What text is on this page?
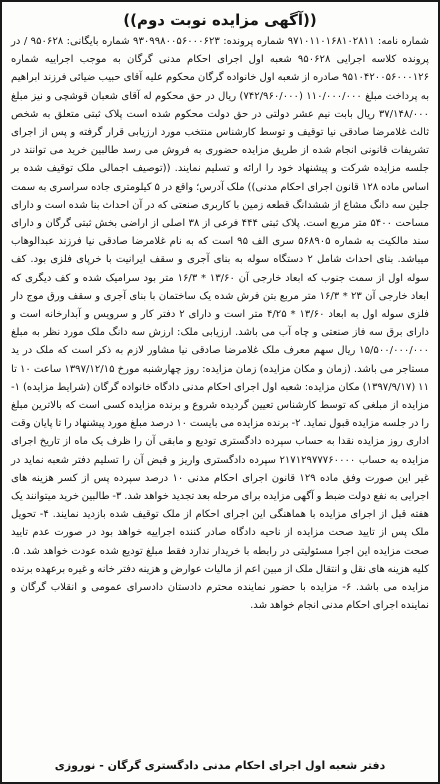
((آگهی مزایده نوبت دوم))

شماره نامه: ۹۷۱۰۱۱۰۱۶۸۱۰۲۸۱۱ شماره پرونده: ۹۳۰۹۹۸۰۰۵۶۰۰۰۶۲۳ شماره بایگانی: ۹۵۰۶۲۸ / در پرونده کلاسه اجرایی ۹۵۰۶۲۸ شعبه اول اجرای احکام مدنی گرگان به موجب اجراییه شماره ۹۵۱۰۴۲۰۰۵۶۰۰۰۱۲۶ صادره از شعبه اول خانواده گرگان محکوم علیه آقای حبیب ضیائی فرزند ابراهیم به پرداخت مبلغ ۱۱۰/۰۰۰/۰۰۰ (۷۴۲/۹۶۰/۰۰۰) ریال در حق محکوم له آقای شعبان قوشچی و نیز مبلغ ۳۷/۱۴۸/۰۰۰ ریال بابت نیم عشر دولتی در حق دولت محکوم شده است پلاک ثبتی متعلق به شخص ثالث غلامرضا صادقی نیا توقیف و توسط کارشناس منتخب مورد ارزیابی قرار گرفته و پس از اجرای تشریفات قانونی انجام شده از طریق مزایده حضوری به فروش می رسد طالبین خرید می توانند در جلسه مزایده شرکت و پیشنهاد خود را ارائه و تسلیم نمایند. ((توصیف اجمالی ملک توقیف شده بر اساس ماده ۱۲۸ قانون اجرای احکام مدنی)) ملک آدرس؛ واقع در ۵ کیلومتری جاده سراسری به سمت جلین سه دانگ مشاع از ششدانگ قطعه زمین با کاربری صنعتی که در آن احداث بنا شده است و دارای مساحت ۵۴۰۰ متر مربع است. پلاک ثبتی ۴۴۴ فرعی از ۳۸ اصلی از اراضی بخش ثبتی گرگان و دارای سند مالکیت به شماره ۵۶۸۹۰۵ سری الف ۹۵ است که به نام غلامرضا صادقی نیا فرزند عبدالوهاب میباشد. بنای احداث شامل ۲ دستگاه سوله به بنای آجری و سقف ایرانیت با خرپای فلزی بود. کف سوله اول از سمت جنوب که ابعاد خارجی آن ۱۳/۶۰ * ۱۶/۳ متر بود سرامیک شده و کف دیگری که ابعاد خارجی آن ۲۳ * ۱۶/۳ متر مربع بتن فرش شده یک ساختمان با بنای آجری و سقف ورق موج دار فلزی سوله اول به ابعاد ۱۳/۶۰ * ۴/۲۵ متر است و دارای ۲ دفتر کار و سرویس و آبدارخانه است و دارای برق سه فاز صنعتی و چاه آب می باشد. ارزیابی ملک: ارزش سه دانگ ملک مورد نظر به مبلغ ۱۵/۵۰۰/۰۰۰/۰۰۰ ریال سهم معرف ملک غلامرضا صادقی نیا مشاور لازم به ذکر است که ملک در ید مستاجر می باشد. (زمان و مکان مزایده) زمان مزایده: روز چهارشنبه مورخ ۱۳۹۷/۱۲/۱۵ ساعت ۱۰ تا ۱۱ (۱۳۹۷/۹/۱۷) مکان مزایده: شعبه اول اجرای احکام مدنی دادگاه خانواده گرگان (شرایط مزایده) ۱- مزایده از مبلغی که توسط کارشناس تعیین گردیده شروع و برنده مزایده کسی است که بالاترین مبلغ را در جلسه مزایده قبول نماید. ۲- برنده مزایده می بایست ۱۰ درصد مبلغ مورد پیشنهاد را تا پایان وقت اداری روز مزایده نقدا به حساب سپرده دادگستری تودیع و مابقی آن را ظرف یک ماه از تاریخ اجرای مزایده به حساب ۲۱۷۱۲۹۷۷۷۶۰۰۰۰ سپرده دادگستری واریز و قبض آن را تسلیم دفتر شعبه نماید در غیر این صورت وفق ماده ۱۲۹ قانون اجرای احکام مدنی ۱۰ درصد سپرده پس از کسر هزینه های اجرایی به نفع دولت ضبط و آگهی مزایده برای مرحله بعد تجدید خواهد شد. ۳- طالبین خرید میتوانند یک هفته قبل از اجرای مزایده با هماهنگی این اجرای احکام از ملک توقیف شده بازدید نمایند. ۴- تحویل ملک پس از تایید صحت مزایده از ناحیه دادگاه صادر کننده اجراییه خواهد بود در صورت عدم تایید صحت مزایده این اجرا مسئولیتی در رابطه با خریدار ندارد فقط مبلغ تودیع شده عودت خواهد شد. ۵. کلیه هزینه های نقل و انتقال ملک از مبین اعم از مالیات عوارض و هزینه دفتر خانه و غیره برعهده برنده مزایده می باشد. ۶- مزایده با حضور نماینده محترم دادستان دادسرای عمومی و انقلاب گرگان و نماینده اجرای احکام مدنی انجام خواهد شد.

دفتر شعبه اول اجرای احکام مدنی دادگستری گرگان - نوروزی
